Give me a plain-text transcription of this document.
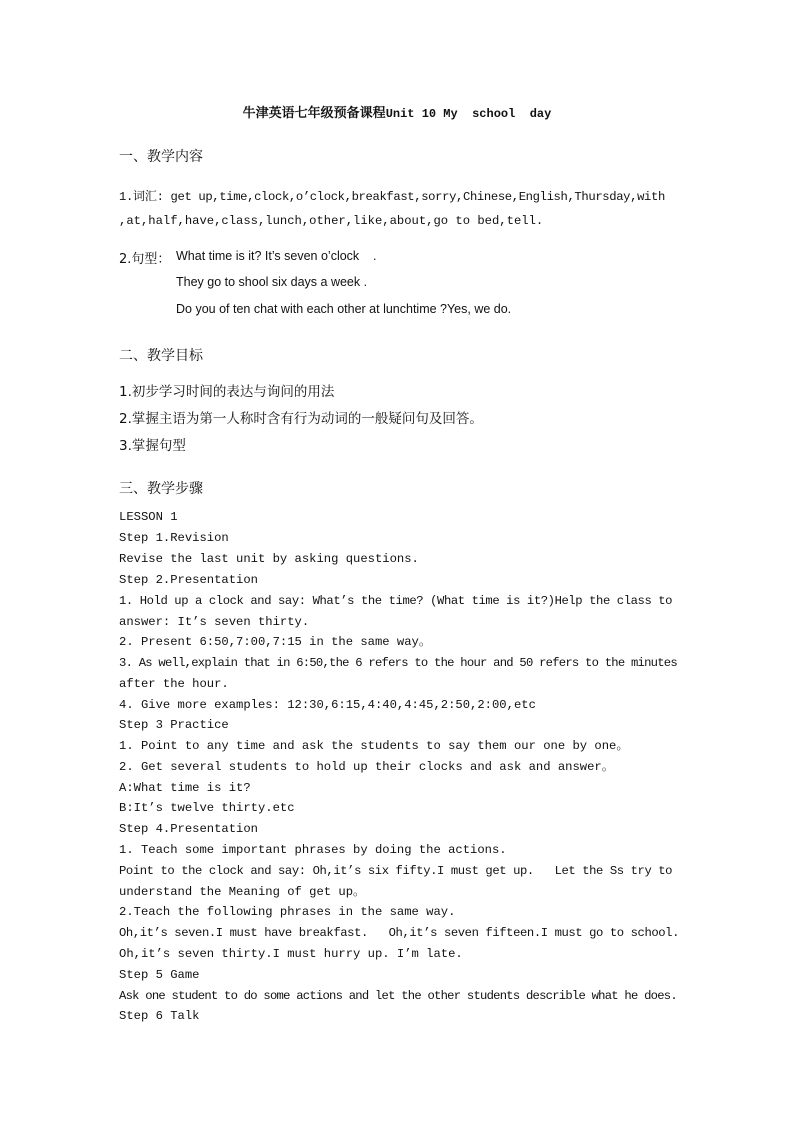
牛津英语七年级预备课程Unit 10 My  school  day
一、教学内容
1.词汇: get up,time,clock,o’clock,breakfast,sorry,Chinese,English,Thursday,with
,at,half,have,class,lunch,other,like,about,go to bed,tell.
2.句型： What time is it? It’s seven o’clock    .
They go to shool six days a week .
Do you of ten chat with each other at lunchtime ?Yes, we do.
二、教学目标
1.初步学习时间的表达与询问的用法
2.掌握主语为第一人称时含有行为动词的一般疑问句及回答。
3.掌握句型
三、教学步骤
LESSON 1
Step 1.Revision
Revise the last unit by asking questions.
Step 2.Presentation
1. Hold up a clock and say: What’s the time? (What time is it?)Help the class to
answer: It’s seven thirty.
2. Present 6:50,7:00,7:15 in the same way。
3. As well,explain that in 6:50,the 6 refers to the hour and 50 refers to the minutes
after the hour.
4. Give more examples: 12:30,6:15,4:40,4:45,2:50,2:00,etc
Step 3 Practice
1. Point to any time and ask the students to say them our one by one。
2. Get several students to hold up their clocks and ask and answer。
A:What time is it?
B:It’s twelve thirty.etc
Step 4.Presentation
1. Teach some important phrases by doing the actions.
Point to the clock and say: Oh,it’s six fifty.I must get up.   Let the Ss try to
understand the Meaning of get up。
2.Teach the following phrases in the same way.
Oh,it’s seven.I must have breakfast.   Oh,it’s seven fifteen.I must go to school.
Oh,it’s seven thirty.I must hurry up. I’m late.
Step 5 Game
Ask one student to do some actions and let the other students describle what he does.
Step 6 Talk
